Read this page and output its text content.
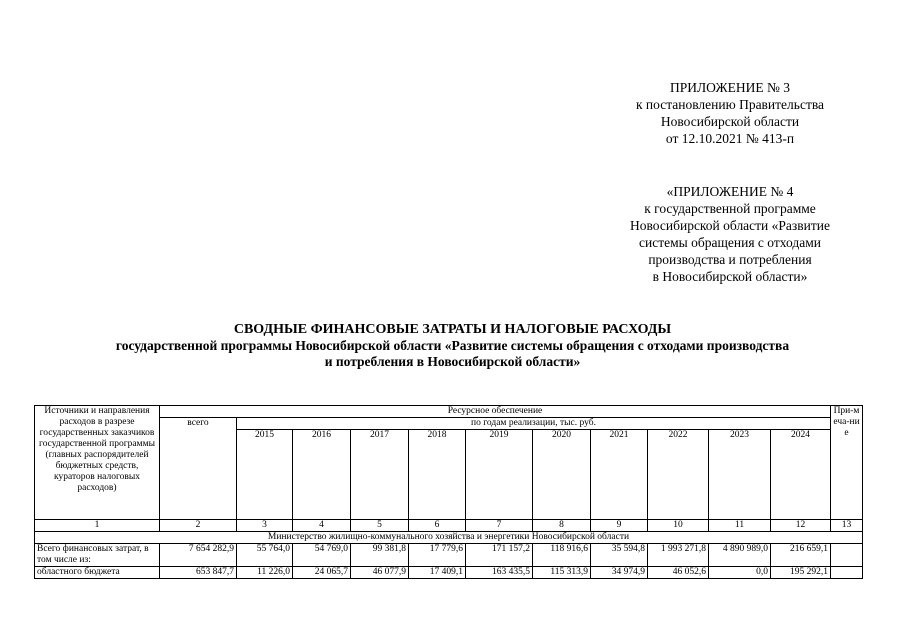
ПРИЛОЖЕНИЕ № 3
к постановлению Правительства
Новосибирской области
от 12.10.2021 № 413-п
«ПРИЛОЖЕНИЕ № 4
к государственной программе
Новосибирской области «Развитие
системы обращения с отходами
производства и потребления
в Новосибирской области»
СВОДНЫЕ ФИНАНСОВЫЕ ЗАТРАТЫ И НАЛОГОВЫЕ РАСХОДЫ
государственной программы Новосибирской области «Развитие системы обращения с отходами производства
и потребления в Новосибирской области»
Источники и направления расходов в разрезе государственных заказчиков государственной программы (главных распорядителей бюджетных средств, кураторов налоговых расходов)	Ресурсное обеспечение											При-меча-ние
	всего	по годам реализации, тыс. руб.										
		2015	2016	2017	2018	2019	2020	2021	2022	2023	2024	
1	2	3	4	5	6	7	8	9	10	11	12	13
Министерство жилищно-коммунального хозяйства и энергетики Новосибирской области												
Всего финансовых затрат, в том числе из:	7 654 282,9	55 764,0	54 769,0	99 381,8	17 779,6	171 157,2	118 916,6	35 594,8	1 993 271,8	4 890 989,0	216 659,1	
областного бюджета	653 847,7	11 226,0	24 065,7	46 077,9	17 409,1	163 435,5	115 313,9	34 974,9	46 052,6	0,0	195 292,1	
